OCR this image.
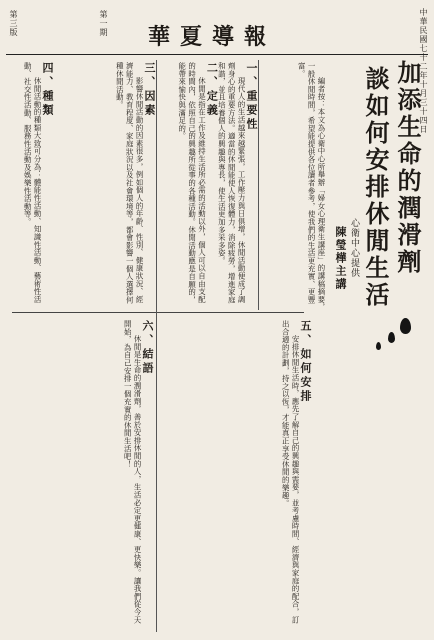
華夏導報
第三版	第一期	中華民國七十二年十月三十四日
加添生命的潤滑劑
談如何安排休閒生活
心衛中心提供
陳瑩樺主講

編者按：本文為心衛中心所舉辦「婦女心理衛生講座」的講稿摘要，一般休閒時間，希望能提供各位讀者參考，使我們的生活更充實、更豐富。

一、重要性

現代人的生活越來越緊張，工作壓力與日俱增，休閒活動便成了調劑身心的重要方法。適當的休閒能使人恢復體力，消除疲勞，增進家庭和諧，並且培養個人的興趣與專長，使生活更加多采多姿。

二、定義

休閒是指在工作及維持生活所必需的活動以外，個人可以自由支配的時間內，依照自己的興趣所從事的各種活動。休閒活動應是自願的，能帶來愉快與滿足的。

三、因素

影響休閒活動的因素很多，例如個人的年齡、性別、健康狀況、經濟能力、教育程度、家庭狀況以及社會環境等，都會影響一個人選擇何種休閒活動。

四、種類

休閒活動的種類大致可分為：體能性活動、知識性活動、藝術性活動、社交性活動、服務性活動及娛樂性活動等。

五、如何安排

安排休閒生活時，應先了解自己的興趣與需要，並考慮時間、經濟與家庭的配合，訂出合適的計劃，持之以恆，才能真正享受休閒的樂趣。

六、結語

休閒是生命的潤滑劑，善於安排休閒的人，生活必定更健康、更快樂。讓我們從今天開始，為自己安排一個充實的休閒生活吧！
